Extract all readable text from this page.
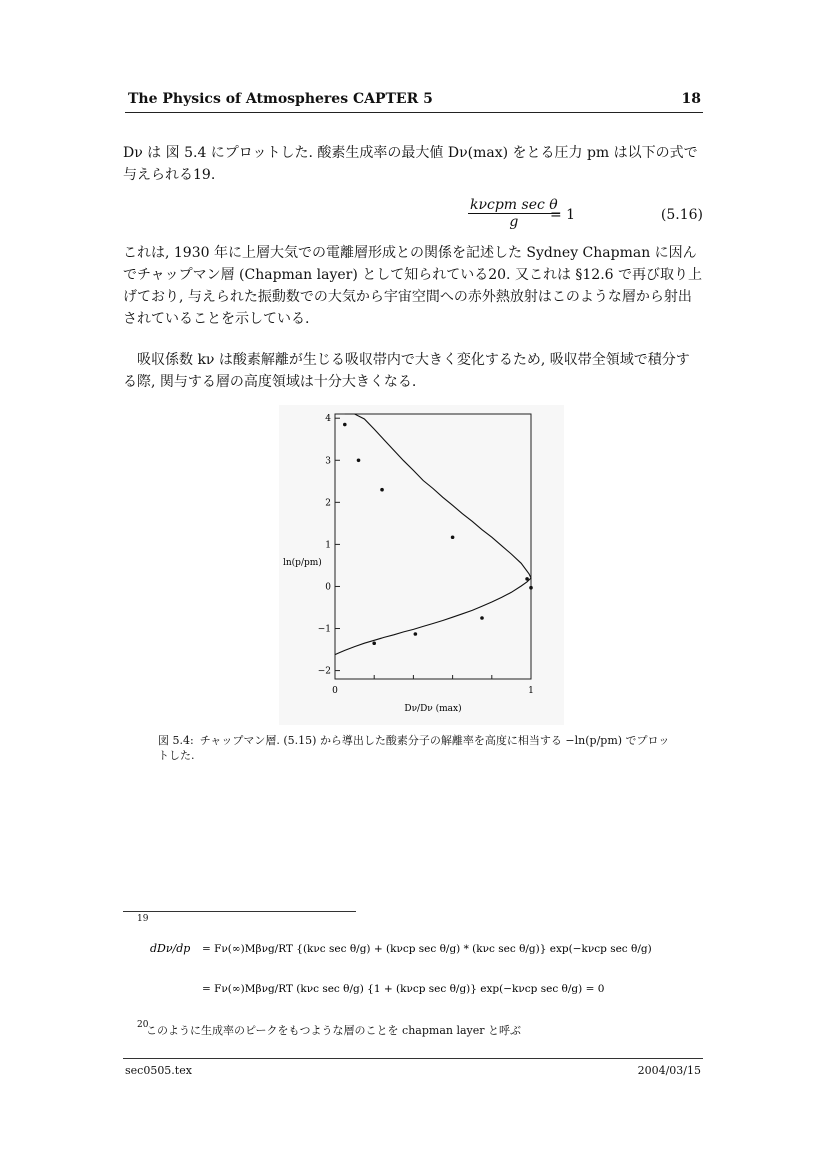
The Physics of Atmospheres CAPTER 5	18

Dν は 図 5.4 にプロットした. 酸素生成率の最大値 Dν(max) をとる圧力 pm は以下の式で与えられる19.

kνcpm sec θ
g	= 1	(5.16)

これは, 1930 年に上層大気での電離層形成との関係を記述した Sydney Chapman に因んでチャップマン層 (Chapman layer) として知られている20. 又これは §12.6 で再び取り上げており, 与えられた振動数での大気から宇宙空間への赤外熱放射はこのような層から射出されていることを示している.

吸収係数 kν は酸素解離が生じる吸収帯内で大きく変化するため, 吸収帯全領域で積分する際, 関与する層の高度領域は十分大きくなる.

4
3
2
1
0
−1
−2
0	1
Dν/Dν (max)
ln(p/pm)

図 5.4: チャップマン層. (5.15) から導出した酸素分子の解離率を高度に相当する −ln(p/pm) でプロットした.

19
dDν/dp = Fν(∞)Mβνg/RT {(kνc sec θ/g) + (kνcp sec θ/g) * (kνc sec θ/g)} exp(−kνcp sec θ/g)
= Fν(∞)Mβνg/RT (kνc sec θ/g) {1 + (kνcp sec θ/g)} exp(−kνcp sec θ/g) = 0
20
このように生成率のピークをもつような層のことを chapman layer と呼ぶ
sec0505.tex	2004/03/15
